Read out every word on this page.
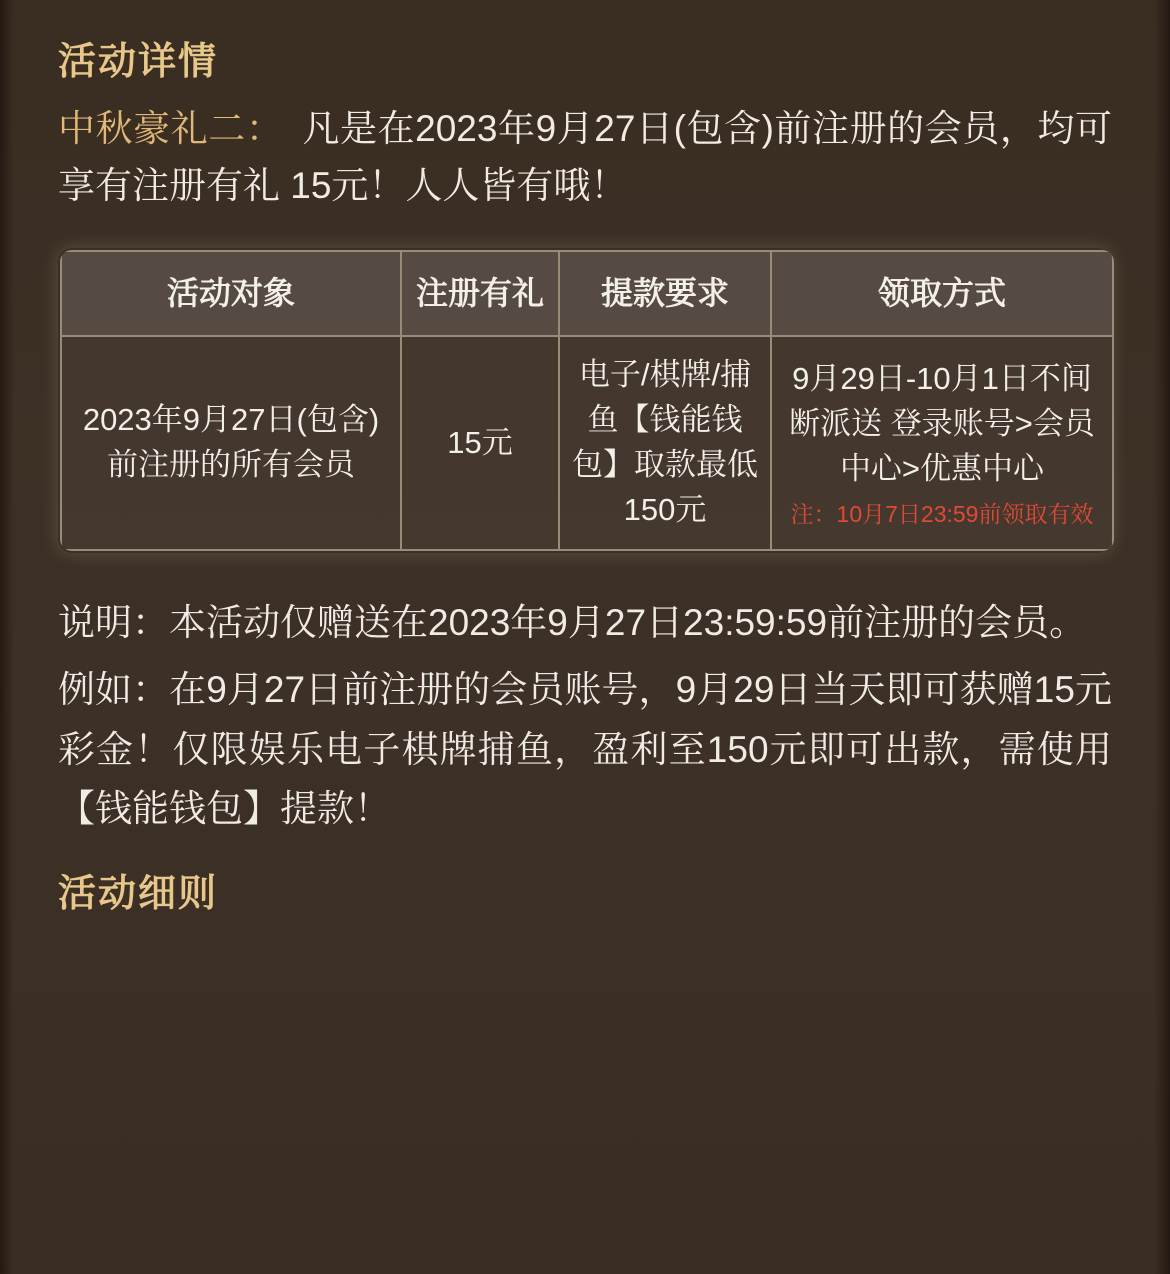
活动详情

中秋豪礼二：　凡是在2023年9月27日(包含)前注册的会员，均可享有注册有礼 15元！人人皆有哦！

活动对象	注册有礼	提款要求	领取方式
2023年9月27日(包含)前注册的所有会员	15元	电子/棋牌/捕鱼【钱能钱包】取款最低150元	9月29日-10月1日不间断派送 登录账号>会员中心>优惠中心
注：10月7日23:59前领取有效

说明：本活动仅赠送在2023年9月27日23:59:59前注册的会员。

例如：在9月27日前注册的会员账号，9月29日当天即可获赠15元彩金！仅限娱乐电子棋牌捕鱼，盈利至150元即可出款，需使用【钱能钱包】提款！

活动细则
